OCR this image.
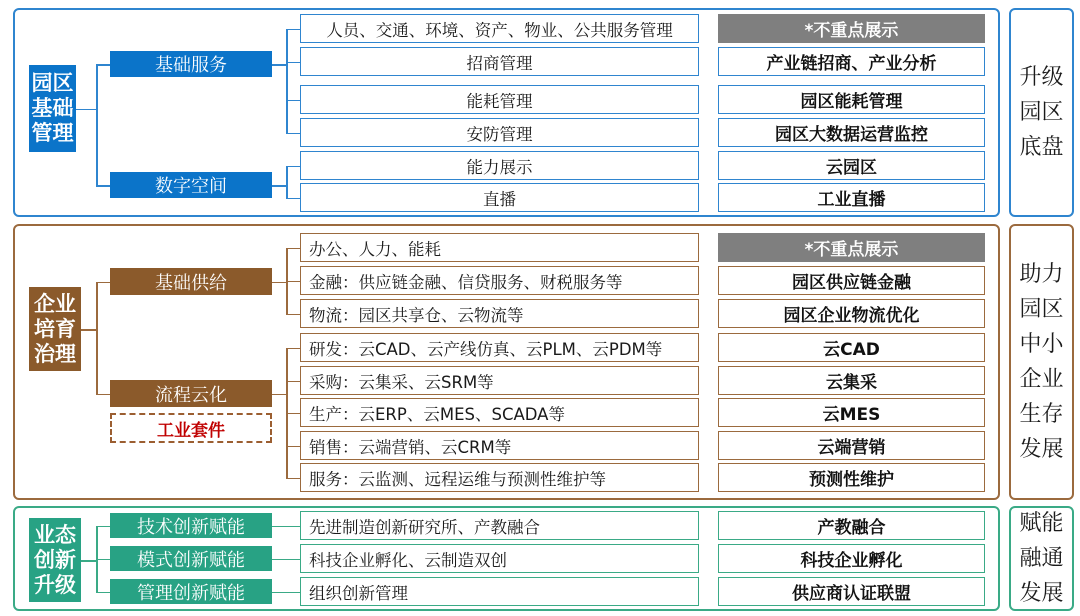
升级
园区
底盘
园区
基础
管理
人员、交通、环境、资产、物业、公共服务管理	*不重点展示
招商管理	产业链招商、产业分析
能耗管理	园区能耗管理
安防管理	园区大数据运营监控
能力展示	云园区
直播	工业直播
基础服务
数字空间
助力
园区
中小
企业
生存
发展
企业
培育
治理
办公、人力、能耗	*不重点展示
金融：供应链金融、信贷服务、财税服务等	园区供应链金融
物流：园区共享仓、云物流等	园区企业物流优化
研发：云CAD、云产线仿真、云PLM、云PDM等	云CAD
采购：云集采、云SRM等	云集采
生产：云ERP、云MES、SCADA等	云MES
销售：云端营销、云CRM等	云端营销
服务：云监测、远程运维与预测性维护等	预测性维护
基础供给
流程云化
工业套件
赋能
融通
发展
业态
创新
升级
先进制造创新研究所、产教融合	产教融合
科技企业孵化、云制造双创	科技企业孵化
组织创新管理	供应商认证联盟
技术创新赋能
模式创新赋能
管理创新赋能
